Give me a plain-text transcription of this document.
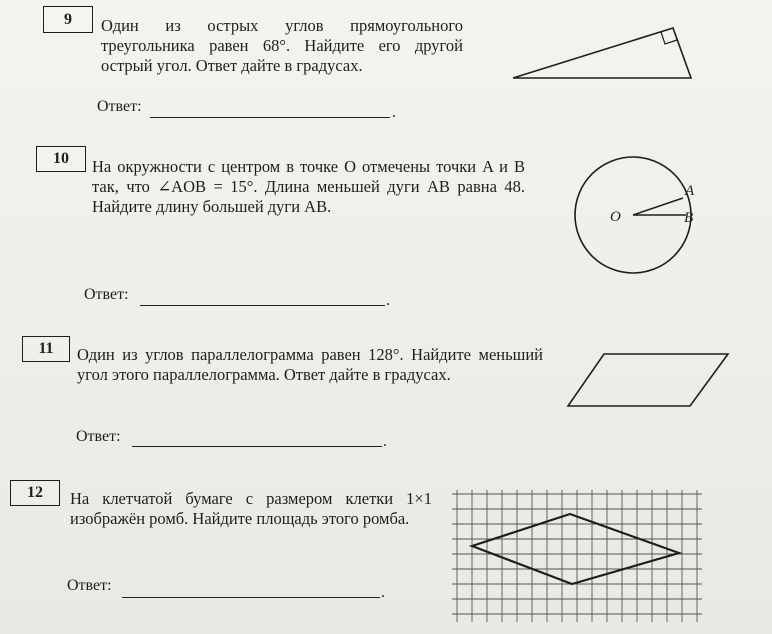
9	Один из острых углов прямоугольного треугольника равен 68°. Найдите его другой острый угол. Ответ дайте в градусах.
Ответ:	.
10	На окружности с центром в точке O отмечены точки A и B так, что ∠AOB = 15°. Длина меньшей дуги AB равна 48. Найдите длину большей дуги AB.
O
A
B
Ответ:	.
11	Один из углов параллелограмма равен 128°. Найдите меньший угол этого параллелограмма. Ответ дайте в градусах.
Ответ:	.
12	На клетчатой бумаге с размером клетки 1×1 изображён ромб. Найдите площадь этого ромба.
Ответ:	.
